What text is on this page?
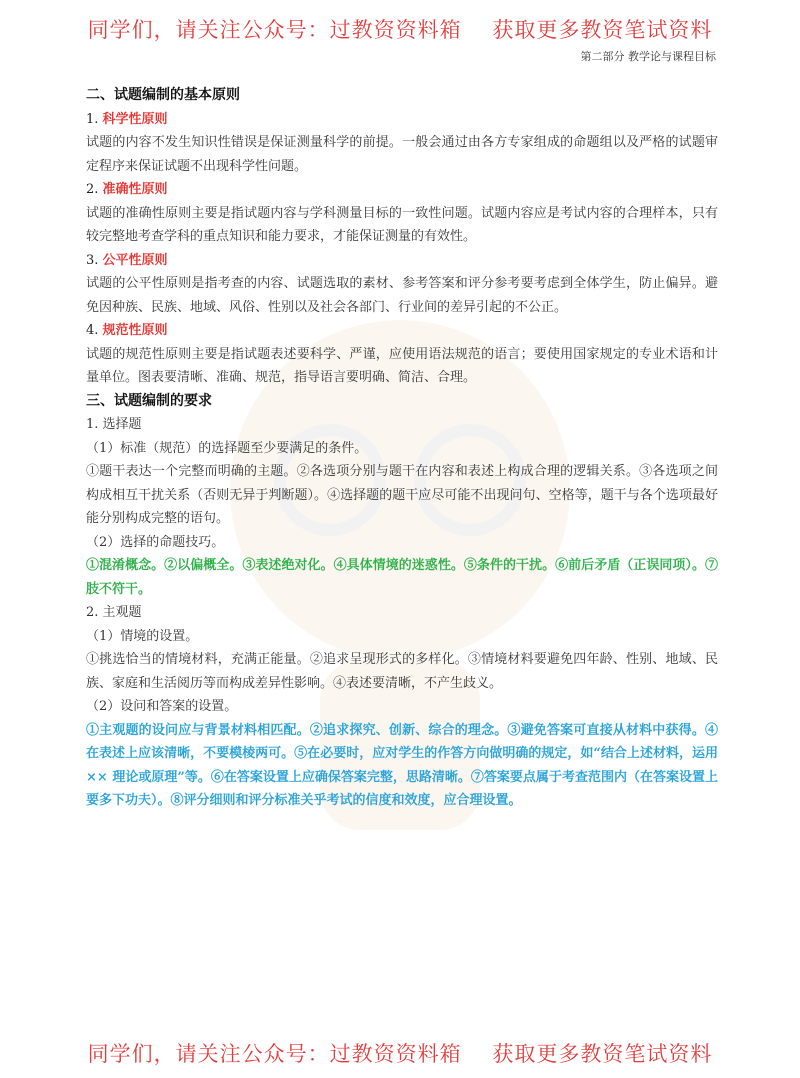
同学们，请关注公众号：过教资资料箱    获取更多教资笔试资料
第二部分 教学论与课程目标

二、试题编制的基本原则

1. 科学性原则

试题的内容不发生知识性错误是保证测量科学的前提。一般会通过由各方专家组成的命题组以及严格的试题审定程序来保证试题不出现科学性问题。

2. 准确性原则

试题的准确性原则主要是指试题内容与学科测量目标的一致性问题。试题内容应是考试内容的合理样本，只有较完整地考查学科的重点知识和能力要求，才能保证测量的有效性。

3. 公平性原则

试题的公平性原则是指考查的内容、试题选取的素材、参考答案和评分参考要考虑到全体学生，防止偏异。避免因种族、民族、地域、风俗、性别以及社会各部门、行业间的差异引起的不公正。

4. 规范性原则

试题的规范性原则主要是指试题表述要科学、严谨，应使用语法规范的语言；要使用国家规定的专业术语和计量单位。图表要清晰、准确、规范，指导语言要明确、简洁、合理。

三、试题编制的要求

1. 选择题

（1）标准（规范）的选择题至少要满足的条件。

①题干表达一个完整而明确的主题。②各选项分别与题干在内容和表述上构成合理的逻辑关系。③各选项之间构成相互干扰关系（否则无异于判断题）。④选择题的题干应尽可能不出现问句、空格等，题干与各个选项最好能分别构成完整的语句。

（2）选择的命题技巧。

①混淆概念。②以偏概全。③表述绝对化。④具体情境的迷惑性。⑤条件的干扰。⑥前后矛盾（正误同项）。⑦肢不符干。

2. 主观题

（1）情境的设置。

①挑选恰当的情境材料，充满正能量。②追求呈现形式的多样化。③情境材料要避免四年龄、性别、地域、民族、家庭和生活阅历等而构成差异性影响。④表述要清晰，不产生歧义。

（2）设问和答案的设置。

①主观题的设问应与背景材料相匹配。②追求探究、创新、综合的理念。③避免答案可直接从材料中获得。④在表述上应该清晰，不要模棱两可。⑤在必要时，应对学生的作答方向做明确的规定，如“结合上述材料，运用 ×× 理论或原理”等。⑥在答案设置上应确保答案完整，思路清晰。⑦答案要点属于考查范围内（在答案设置上要多下功夫）。⑧评分细则和评分标准关乎考试的信度和效度，应合理设置。

同学们，请关注公众号：过教资资料箱    获取更多教资笔试资料
